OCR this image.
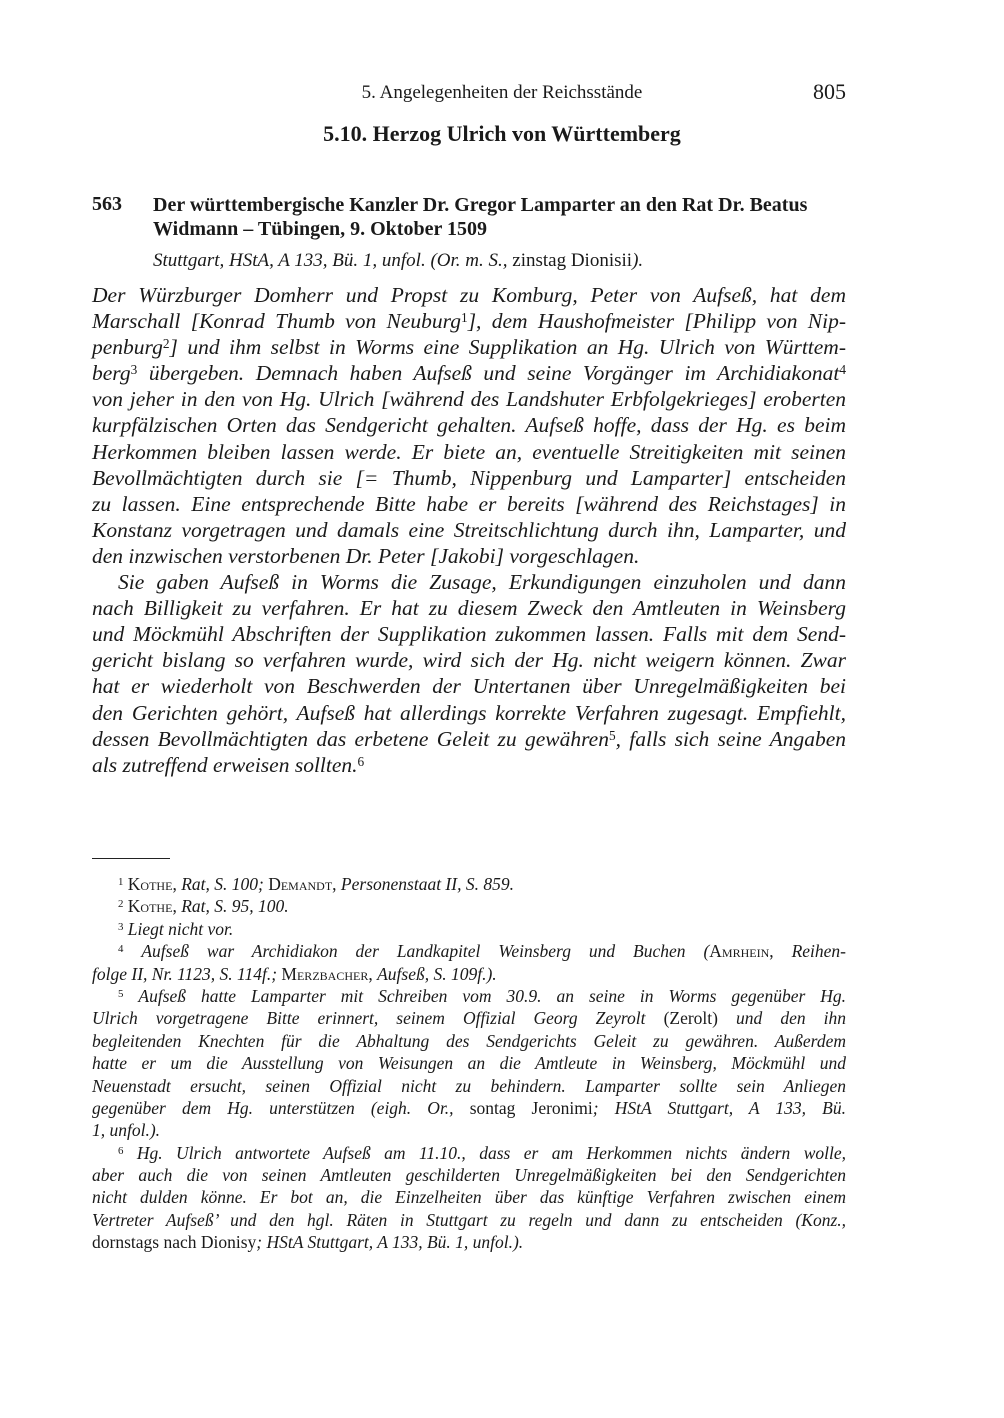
5. Angelegenheiten der Reichsstände	805
5.10. Herzog Ulrich von Württemberg
563 Der württembergische Kanzler Dr. Gregor Lamparter an den Rat Dr. Beatus Widmann – Tübingen, 9. Oktober 1509
Stuttgart, HStA, A 133, Bü. 1, unfol. (Or. m. S., zinstag Dionisii).
Der Würzburger Domherr und Propst zu Komburg, Peter von Aufseß, hat dem
Marschall [Konrad Thumb von Neuburg$^1$], dem Haushofmeister [Philipp von Nip-
penburg$^2$] und ihm selbst in Worms eine Supplikation an Hg. Ulrich von Württem-
berg$^3$ übergeben. Demnach haben Aufseß und seine Vorgänger im Archidiakonat$^4$
von jeher in den von Hg. Ulrich [während des Landshuter Erbfolgekrieges] eroberten
kurpfälzischen Orten das Sendgericht gehalten. Aufseß hoffe, dass der Hg. es beim
Herkommen bleiben lassen werde. Er biete an, eventuelle Streitigkeiten mit seinen
Bevollmächtigten durch sie [= Thumb, Nippenburg und Lamparter] entscheiden
zu lassen. Eine entsprechende Bitte habe er bereits [während des Reichstages] in
Konstanz vorgetragen und damals eine Streitschlichtung durch ihn, Lamparter, und
den inzwischen verstorbenen Dr. Peter [Jakobi] vorgeschlagen.
Sie gaben Aufseß in Worms die Zusage, Erkundigungen einzuholen und dann
nach Billigkeit zu verfahren. Er hat zu diesem Zweck den Amtleuten in Weinsberg
und Möckmühl Abschriften der Supplikation zukommen lassen. Falls mit dem Send-
gericht bislang so verfahren wurde, wird sich der Hg. nicht weigern können. Zwar
hat er wiederholt von Beschwerden der Untertanen über Unregelmäßigkeiten bei
den Gerichten gehört, Aufseß hat allerdings korrekte Verfahren zugesagt. Empfiehlt,
dessen Bevollmächtigten das erbetene Geleit zu gewähren$^5$, falls sich seine Angaben
als zutreffend erweisen sollten.$^6$
$^1$ Kothe, Rat, S. 100; Demandt, Personenstaat II, S. 859.
$^2$ Kothe, Rat, S. 95, 100.
$^3$ Liegt nicht vor.
$^4$ Aufseß war Archidiakon der Landkapitel Weinsberg und Buchen (Amrhein, Reihen-
folge II, Nr. 1123, S. 114f.; Merzbacher, Aufseß, S. 109f.).
$^5$ Aufseß hatte Lamparter mit Schreiben vom 30.9. an seine in Worms gegenüber Hg.
Ulrich vorgetragene Bitte erinnert, seinem Offizial Georg Zeyrolt (Zerolt) und den ihn
begleitenden Knechten für die Abhaltung des Sendgerichts Geleit zu gewähren. Außerdem
hatte er um die Ausstellung von Weisungen an die Amtleute in Weinsberg, Möckmühl und
Neuenstadt ersucht, seinen Offizial nicht zu behindern. Lamparter sollte sein Anliegen
gegenüber dem Hg. unterstützen (eigh. Or., sontag Jeronimi; HStA Stuttgart, A 133, Bü.
1, unfol.).
$^6$ Hg. Ulrich antwortete Aufseß am 11.10., dass er am Herkommen nichts ändern wolle,
aber auch die von seinen Amtleuten geschilderten Unregelmäßigkeiten bei den Sendgerichten
nicht dulden könne. Er bot an, die Einzelheiten über das künftige Verfahren zwischen einem
Vertreter Aufseß’ und den hgl. Räten in Stuttgart zu regeln und dann zu entscheiden (Konz.,
dornstags nach Dionisy; HStA Stuttgart, A 133, Bü. 1, unfol.).
